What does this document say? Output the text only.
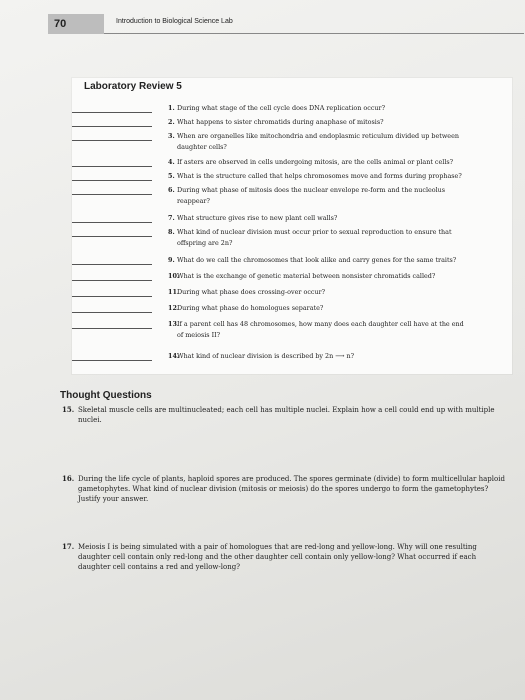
70	Introduction to Biological Science Lab
Laboratory Review 5
1. During what stage of the cell cycle does DNA replication occur?
2. What happens to sister chromatids during anaphase of mitosis?
3. When are organelles like mitochondria and endoplasmic reticulum divided up between
daughter cells?
4. If asters are observed in cells undergoing mitosis, are the cells animal or plant cells?
5. What is the structure called that helps chromosomes move and forms during prophase?
6. During what phase of mitosis does the nuclear envelope re-form and the nucleolus
reappear?
7. What structure gives rise to new plant cell walls?
8. What kind of nuclear division must occur prior to sexual reproduction to ensure that
offspring are 2n?
9. What do we call the chromosomes that look alike and carry genes for the same traits?
10.
What is the exchange of genetic material between nonsister chromatids called?
11.
During what phase does crossing-over occur?
12.
During what phase do homologues separate?
13.
If a parent cell has 48 chromosomes, how many does each daughter cell have at the end
of meiosis II?
14.
What kind of nuclear division is described by 2n ⟶ n?
Thought Questions
15. Skeletal muscle cells are multinucleated; each cell has multiple nuclei. Explain how a cell could end up with multiple nuclei.
16. During the life cycle of plants, haploid spores are produced. The spores germinate (divide) to form multicellular haploid gametophytes. What kind of nuclear division (mitosis or meiosis) do the spores undergo to form the gametophytes? Justify your answer.
17. Meiosis I is being simulated with a pair of homologues that are red-long and yellow-long. Why will one resulting daughter cell contain only red-long and the other daughter cell contain only yellow-long? What occurred if each daughter cell contains a red and yellow-long?
